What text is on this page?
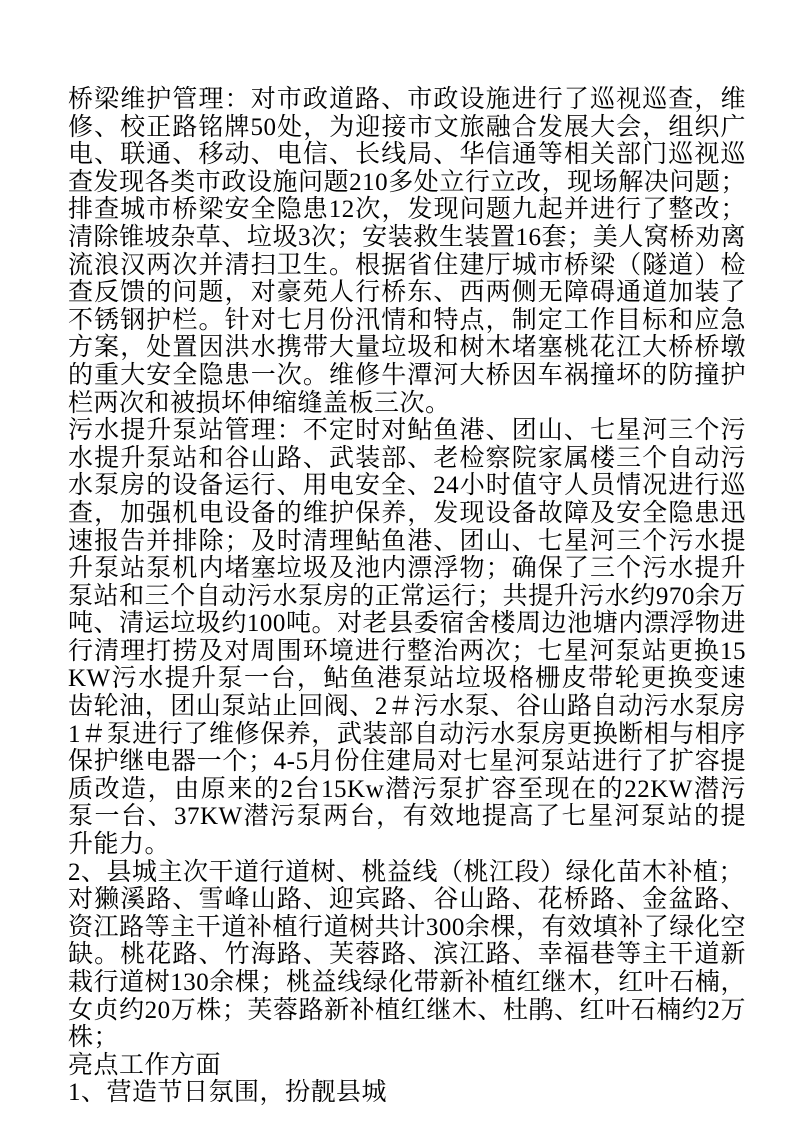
桥梁维护管理：对市政道路、市政设施进行了巡视巡查，维修、校正路铭牌50处，为迎接市文旅融合发展大会，组织广电、联通、移动、电信、长线局、华信通等相关部门巡视巡查发现各类市政设施问题210多处立行立改，现场解决问题；排查城市桥梁安全隐患12次，发现问题九起并进行了整改；清除锥坡杂草、垃圾3次；安装救生装置16套；美人窝桥劝离流浪汉两次并清扫卫生。根据省住建厅城市桥梁（隧道）检查反馈的问题，对豪苑人行桥东、西两侧无障碍通道加装了不锈钢护栏。针对七月份汛情和特点，制定工作目标和应急方案，处置因洪水携带大量垃圾和树木堵塞桃花江大桥桥墩的重大安全隐患一次。维修牛潭河大桥因车祸撞坏的防撞护栏两次和被损坏伸缩缝盖板三次。

污水提升泵站管理：不定时对鲇鱼港、团山、七星河三个污水提升泵站和谷山路、武装部、老检察院家属楼三个自动污水泵房的设备运行、用电安全、24小时值守人员情况进行巡查，加强机电设备的维护保养，发现设备故障及安全隐患迅速报告并排除；及时清理鲇鱼港、团山、七星河三个污水提升泵站泵机内堵塞垃圾及池内漂浮物；确保了三个污水提升泵站和三个自动污水泵房的正常运行；共提升污水约970余万吨、清运垃圾约100吨。对老县委宿舍楼周边池塘内漂浮物进行清理打捞及对周围环境进行整治两次；七星河泵站更换15KW污水提升泵一台，鲇鱼港泵站垃圾格栅皮带轮更换变速齿轮油，团山泵站止回阀、2＃污水泵、谷山路自动污水泵房1＃泵进行了维修保养，武装部自动污水泵房更换断相与相序保护继电器一个；4-5月份住建局对七星河泵站进行了扩容提质改造，由原来的2台15Kw潜污泵扩容至现在的22KW潜污泵一台、37KW潜污泵两台，有效地提高了七星河泵站的提升能力。

2、县城主次干道行道树、桃益线（桃江段）绿化苗木补植；

对獭溪路、雪峰山路、迎宾路、谷山路、花桥路、金盆路、资江路等主干道补植行道树共计300余棵，有效填补了绿化空缺。桃花路、竹海路、芙蓉路、滨江路、幸福巷等主干道新栽行道树130余棵；桃益线绿化带新补植红继木，红叶石楠，女贞约20万株；芙蓉路新补植红继木、杜鹃、红叶石楠约2万株；

亮点工作方面

1、营造节日氛围，扮靓县城
